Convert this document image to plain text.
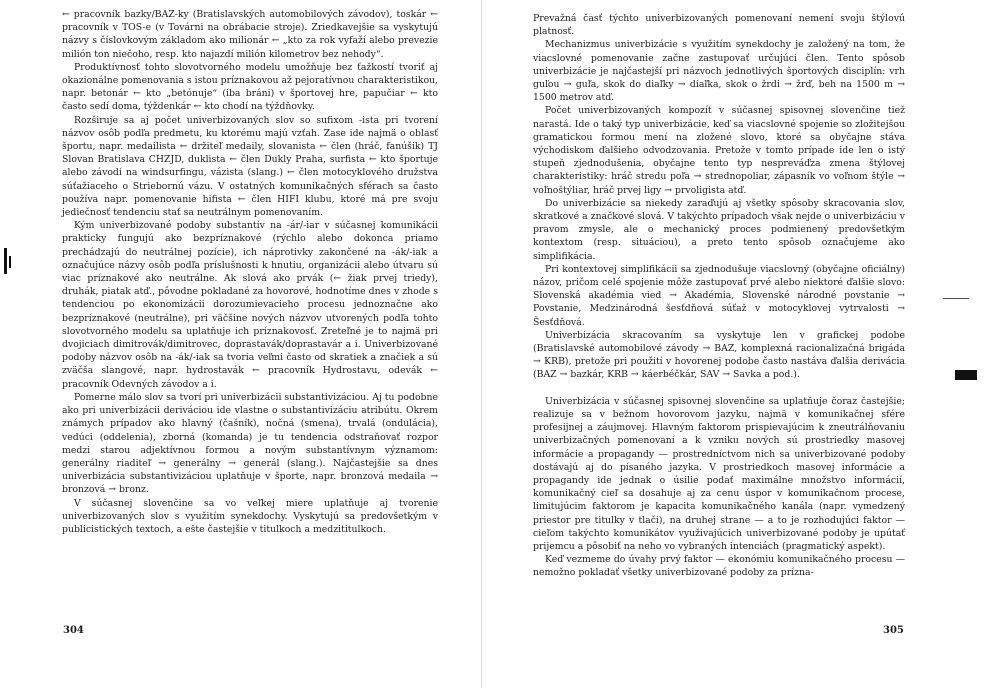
← pracovník bazky/BAZ-ky (Bratislavských automobilových závodov), toskár ← pracovník v TOS-e (v Továrni na obrábacie stroje). Zriedkavejšie sa vyskytujú názvy s číslovkovým základom ako milionár ← „kto za rok vyfaží alebo prevezie milión ton niečoho, resp. kto najazdí milión kilometrov bez nehody“.

Produktívnosť tohto slovotvorného modelu umožňuje bez ťažkostí tvoriť aj okazionálne pomenovania s istou príznakovou až pejoratívnou charakteristikou, napr. betonár ← kto „betónuje“ (iba bráni) v športovej hre, papučiar ← kto často sedí doma, týždenkár ← kto chodí na týždňovky.

Rozširuje sa aj počet univerbizovaných slov so sufixom -ista pri tvorení názvov osôb podľa predmetu, ku ktorému majú vzťah. Zase ide najmä o oblasť športu, napr. medailista ← držiteľ medaily, slovanista ← člen (hráč, fanúšik) TJ Slovan Bratislava CHZJD, duklista ← člen Dukly Praha, surfista ← kto športuje alebo závodí na windsurfingu, vázista (slang.) ← člen motocyklového družstva súťažiaceho o Striebornú vázu. V ostatných komunikačných sférach sa často používa napr. pomenovanie hifista ← člen HIFI klubu, ktoré má pre svoju jediečnosť tendenciu stať sa neutrálnym pomenovaním.

Kým univerbizované podoby substantív na -ár/-iar v súčasnej komunikácii prakticky fungujú ako bezpríznakové (rýchlo alebo dokonca priamo prechádzajú do neutrálnej pozície), ich náprotivky zakončené na -ák/-iak a označujúce názvy osôb podľa príslušnosti k hnutiu, organizácii alebo útvaru sú viac príznakové ako neutrálne. Ak slová ako prvák (← žiak prvej triedy), druhák, piatak atď., pôvodne pokladané za hovorové, hodnotíme dnes v zhode s tendenciou po ekonomizácii dorozumievacieho procesu jednoznačne ako bezpríznakové (neutrálne), pri väčšine nových názvov utvorených podľa tohto slovotvorného modelu sa uplatňuje ich príznakovosť. Zreteľné je to najmä pri dvojiciach dimitrovák/dimitrovec, doprastavák/doprastavár a i. Univerbizované podoby názvov osôb na -ák/-iak sa tvoria veľmi často od skratiek a značiek a sú zväčša slangové, napr. hydrostavák ← pracovník Hydrostavu, odevák ← pracovník Odevných závodov a i.

Pomerne málo slov sa tvorí pri univerbizácii substantivizáciou. Aj tu podobne ako pri univerbizácii deriváciou ide vlastne o substantivizáciu atribútu. Okrem známych prípadov ako hlavný (čašník), nočná (smena), trvalá (ondulácia), vedúci (oddelenia), zborná (komanda) je tu tendencia odstraňovať rozpor medzi starou adjektívnou formou a novým substantívnym významom: generálny riaditeľ → generálny → generál (slang.). Najčastejšie sa dnes univerbizácia substantivizáciou uplatňuje v športe, napr. bronzová medaila → bronzová → bronz.

V súčasnej slovenčine sa vo veľkej miere uplatňuje aj tvorenie univerbizovaných slov s využitím synekdochy. Vyskytujú sa predovšetkým v publicistických textoch, a ešte častejšie v titulkoch a medzititulkoch.

304

Prevažná časť týchto univerbizovaných pomenovaní nemení svoju štýlovú platnosť.

Mechanizmus univerbizácie s využitím synekdochy je založený na tom, že viacslovné pomenovanie začne zastupovať určujúci člen. Tento spôsob univerbizácie je najčastejší pri názvoch jednotlivých športových disciplín: vrh guľou → guľa, skok do diaľky → diaľka, skok o žrdi → žrď, beh na 1500 m → 1500 metrov atď.

Počet univerbizovaných kompozít v súčasnej spisovnej slovenčine tiež narastá. Ide o taký typ univerbizácie, keď sa viacslovné spojenie so zložitejšou gramatickou formou mení na zložené slovo, ktoré sa obyčajne stáva východiskom ďalšieho odvodzovania. Pretože v tomto prípade ide len o istý stupeň zjednodušenia, obyčajne tento typ nespreváďza zmena štýlovej charakteristiky: hráč stredu poľa → strednopoliar, zápasník vo voľnom štýle → voľnoštýliar, hráč prvej ligy → prvoligista atď.

Do univerbizácie sa niekedy zaraďujú aj všetky spôsoby skracovania slov, skratkové a značkové slová. V takýchto prípadoch však nejde o univerbizáciu v pravom zmysle, ale o mechanický proces podmienený predovšetkým kontextom (resp. situáciou), a preto tento spôsob označujeme ako simplifikácia.

Pri kontextovej simplifikácii sa zjednodušuje viacslovný (obyčajne oficiálny) názov, pričom celé spojenie môže zastupovať prvé alebo niektoré ďalšie slovo: Slovenská akadémia vied → Akadémia, Slovenské národné povstanie → Povstanie, Medzinárodná šesťdňová súťaž v motocyklovej vytrvalosti → Šesťdňová.

Univerbizácia skracovaním sa vyskytuje len v grafickej podobe (Bratislavské automobilové závody → BAZ, komplexná racionalizačná brigáda → KRB), pretože pri použití v hovorenej podobe často nastáva ďalšia derivácia (BAZ → bazkár, KRB → káerbéčkár, SAV → Savka a pod.).

Univerbizácia v súčasnej spisovnej slovenčine sa uplatňuje čoraz častejšie; realizuje sa v bežnom hovorovom jazyku, najmä v komunikačnej sfére profesijnej a záujmovej. Hlavným faktorom prispievajúcim k zneutrálňovaniu univerbizačných pomenovaní a k vzniku nových sú prostriedky masovej informácie a propagandy — prostredníctvom nich sa univerbizované podoby dostávajú aj do písaného jazyka. V prostriedkoch masovej informácie a propagandy ide jednak o úsilie podať maximálne množstvo informácií, komunikačný cieľ sa dosahuje aj za cenu úspor v komunikačnom procese, limitujúcim faktorom je kapacita komunikačného kanála (napr. vymedzený priestor pre titulky v tlači), na druhej strane — a to je rozhodujúci faktor — cieľom takýchto komunikátov využivajúcich univerbizované podoby je upútať prijemcu a pôsobiť na neho vo vybraných intenciách (pragmatický aspekt).

Keď vezmeme do úvahy prvý faktor — ekonómiu komunikačného procesu — nemožno pokladať všetky univerbizované podoby za prízna-

305
